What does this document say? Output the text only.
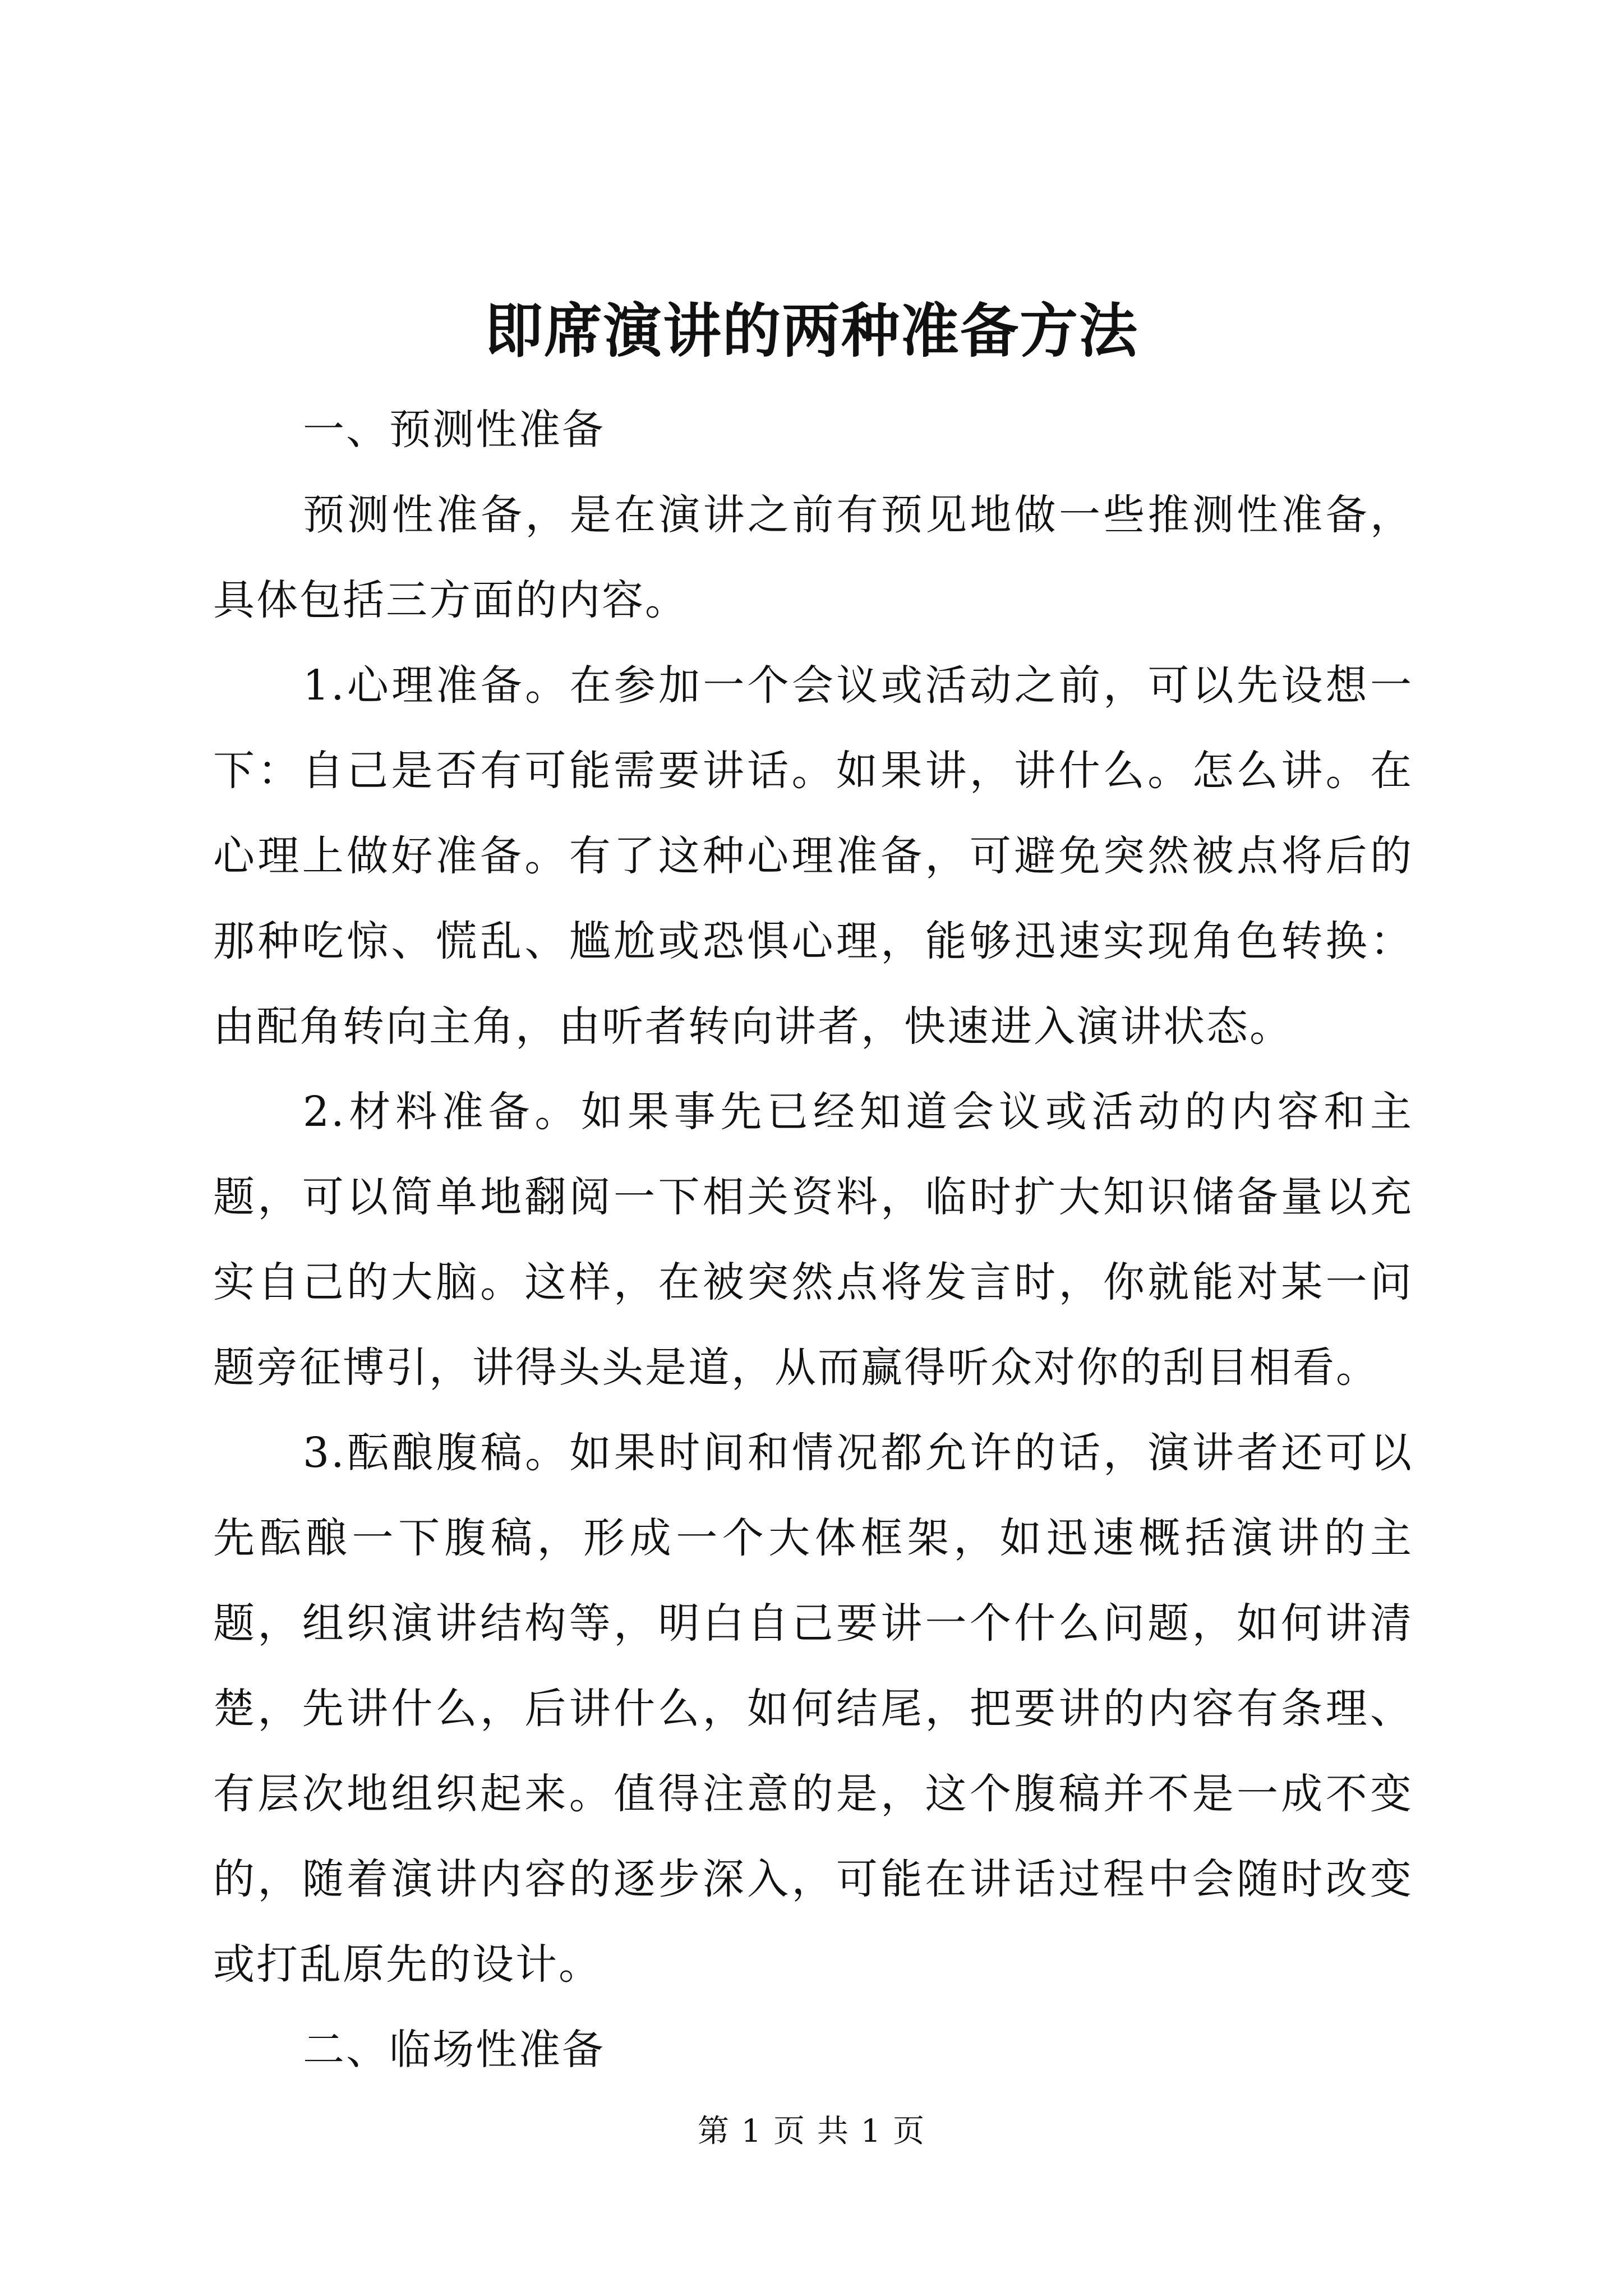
即席演讲的两种准备方法

一、预测性准备

预测性准备，是在演讲之前有预见地做一些推测性准备，具体包括三方面的内容。

1.心理准备。在参加一个会议或活动之前，可以先设想一下：自己是否有可能需要讲话。如果讲，讲什么。怎么讲。在心理上做好准备。有了这种心理准备，可避免突然被点将后的那种吃惊、慌乱、尴尬或恐惧心理，能够迅速实现角色转换：由配角转向主角，由听者转向讲者，快速进入演讲状态。

2.材料准备。如果事先已经知道会议或活动的内容和主题，可以简单地翻阅一下相关资料，临时扩大知识储备量以充实自己的大脑。这样，在被突然点将发言时，你就能对某一问题旁征博引，讲得头头是道，从而赢得听众对你的刮目相看。

3.酝酿腹稿。如果时间和情况都允许的话，演讲者还可以先酝酿一下腹稿，形成一个大体框架，如迅速概括演讲的主题，组织演讲结构等，明白自己要讲一个什么问题，如何讲清楚，先讲什么，后讲什么，如何结尾，把要讲的内容有条理、有层次地组织起来。值得注意的是，这个腹稿并不是一成不变的，随着演讲内容的逐步深入，可能在讲话过程中会随时改变或打乱原先的设计。

二、临场性准备

第 1 页 共 1 页
